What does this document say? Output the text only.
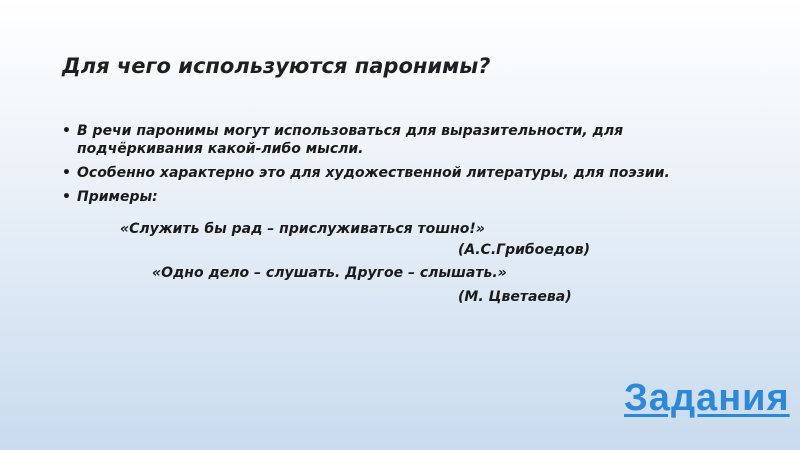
Для чего используются паронимы?
• В речи паронимы могут использоваться для выразительности, для подчёркивания какой-либо мысли.
• Особенно характерно это для художественной литературы, для поэзии.
• Примеры:
«Служить бы рад – прислуживаться тошно!»
(А.С.Грибоедов)
«Одно дело – слушать. Другое – слышать.»
(М. Цветаева)
Задания
